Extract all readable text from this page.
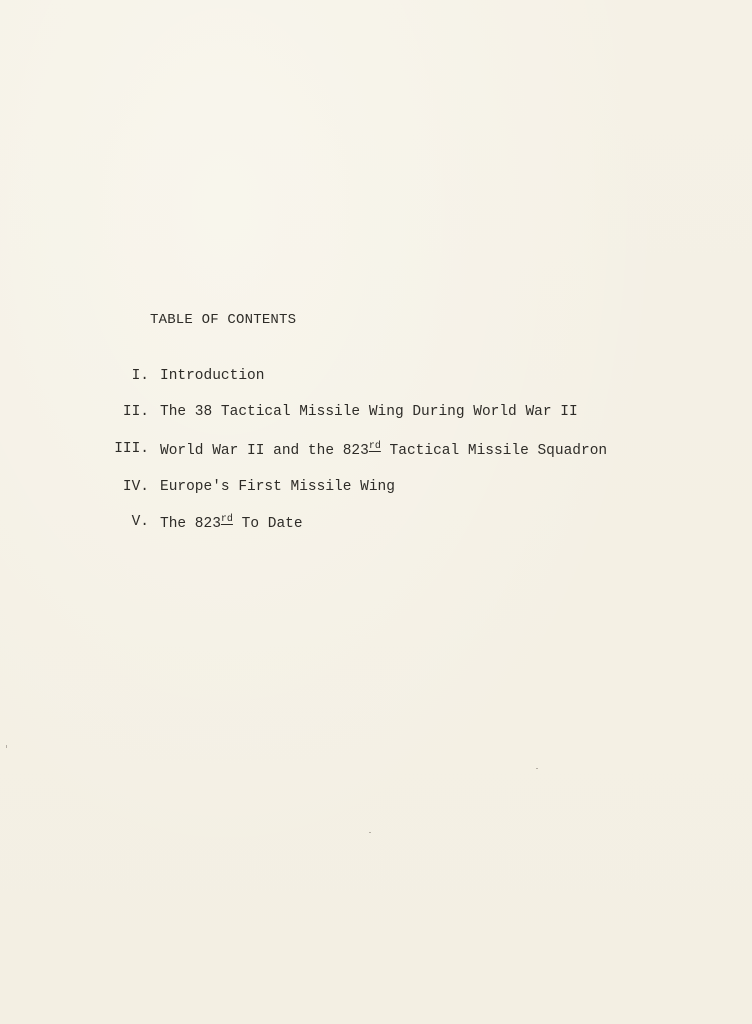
TABLE OF CONTENTS
I. Introduction
II. The 38 Tactical Missile Wing During World War II
III. World War II and the 823rd Tactical Missile Squadron
IV. Europe's First Missile Wing
V. The 823rd To Date
